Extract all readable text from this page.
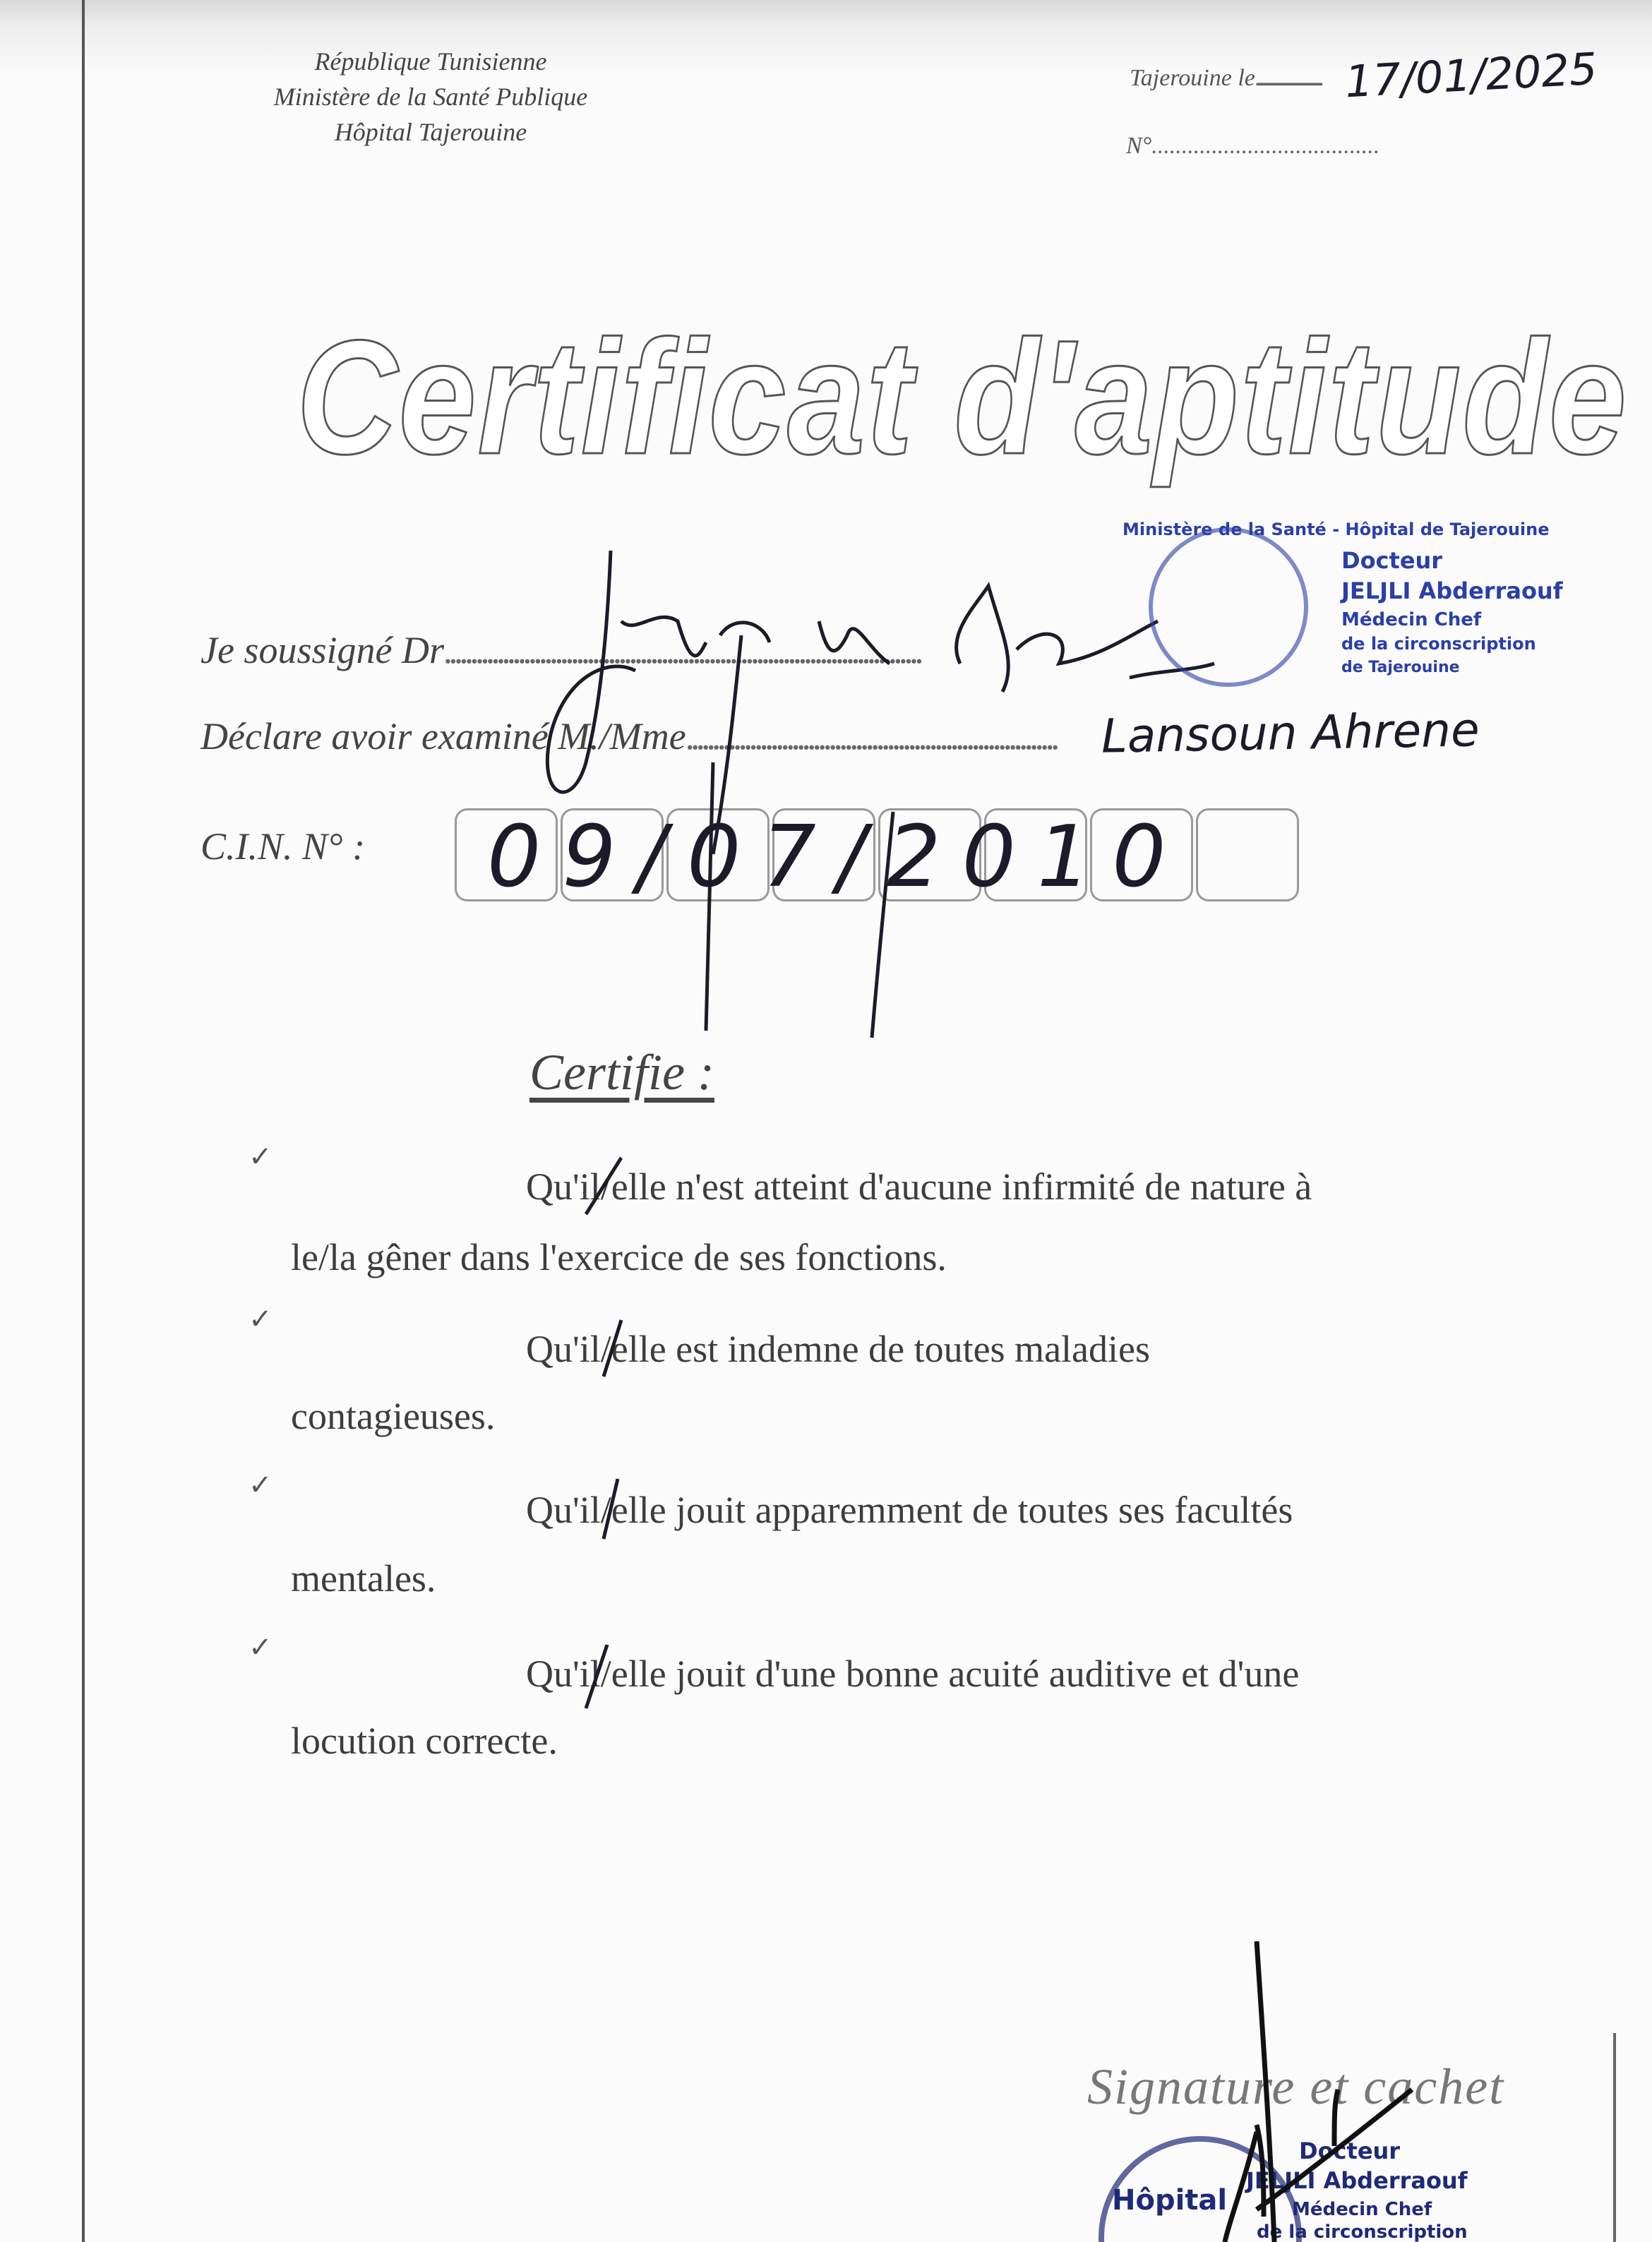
République Tunisienne
Ministère de la Santé Publique
Hôpital Tajerouine
Tajerouine le..................................... 17/01/2025
N°......................................
Certificat d'aptitude
Je soussigné Dr..........................................................................................
Déclare avoir examiné M./Mme...................................................................... Lansoun Ahrene
C.I.N. N° : 09/07/2010
Certifie :
✓
Qu'il/elle n'est atteint d'aucune infirmité de nature à
le/la gêner dans l'exercice de ses fonctions.
✓
Qu'il/elle est indemne de toutes maladies
contagieuses.
✓
Qu'il/elle jouit apparemment de toutes ses facultés
mentales.
✓
Qu'il/elle jouit d'une bonne acuité auditive et d'une
locution correcte.
Signature et cachet
Ministère de la Santé - Hôpital de Tajerouine
Docteur
JELJLI Abderraouf
Médecin Chef
de la circonscription
de Tajerouine
Hôpital
Docteur
JELJLI Abderraouf
Médecin Chef
de la circonscription
